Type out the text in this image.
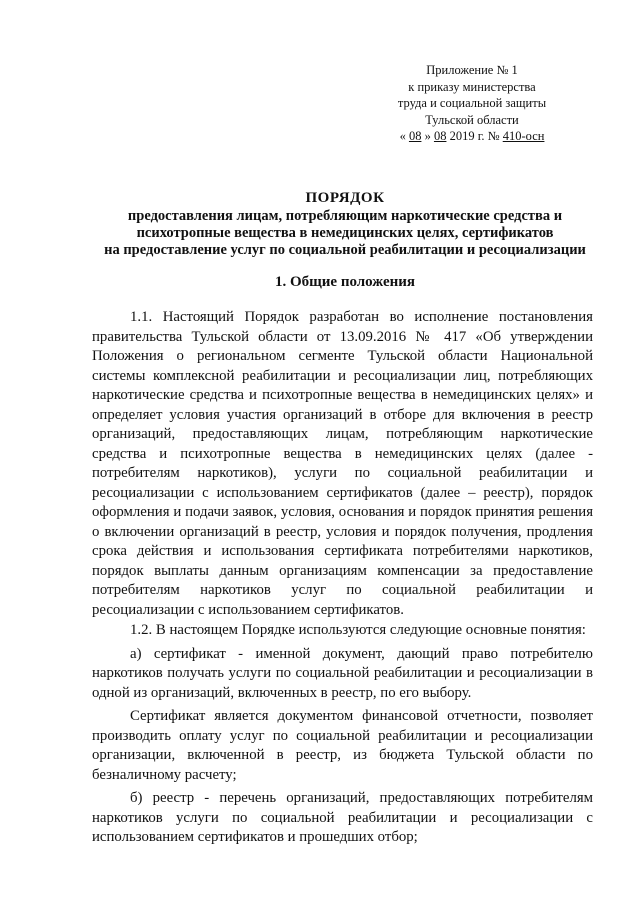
Приложение № 1
к приказу министерства
труда и социальной защиты
Тульской области
« 08 » 08 2019 г. № 410-осн
ПОРЯДОК
предоставления лицам, потребляющим наркотические средства и
психотропные вещества в немедицинских целях, сертификатов
на предоставление услуг по социальной реабилитации и ресоциализации
1. Общие положения

1.1. Настоящий Порядок разработан во исполнение постановления правительства Тульской области от 13.09.2016 № 417 «Об утверждении Положения о региональном сегменте Тульской области Национальной системы комплексной реабилитации и ресоциализации лиц, потребляющих наркотические средства и психотропные вещества в немедицинских целях» и определяет условия участия организаций в отборе для включения в реестр организаций, предоставляющих лицам, потребляющим наркотические средства и психотропные вещества в немедицинских целях (далее - потребителям наркотиков), услуги по социальной реабилитации и ресоциализации с использованием сертификатов (далее – реестр), порядок оформления и подачи заявок, условия, основания и порядок принятия решения о включении организаций в реестр, условия и порядок получения, продления срока действия и использования сертификата потребителями наркотиков, порядок выплаты данным организациям компенсации за предоставление потребителям наркотиков услуг по социальной реабилитации и ресоциализации с использованием сертификатов.

1.2. В настоящем Порядке используются следующие основные понятия:

а) сертификат - именной документ, дающий право потребителю наркотиков получать услуги по социальной реабилитации и ресоциализации в одной из организаций, включенных в реестр, по его выбору.

Сертификат является документом финансовой отчетности, позволяет производить оплату услуг по социальной реабилитации и ресоциализации организации, включенной в реестр, из бюджета Тульской области по безналичному расчету;

б) реестр - перечень организаций, предоставляющих потребителям наркотиков услуги по социальной реабилитации и ресоциализации с использованием сертификатов и прошедших отбор;
